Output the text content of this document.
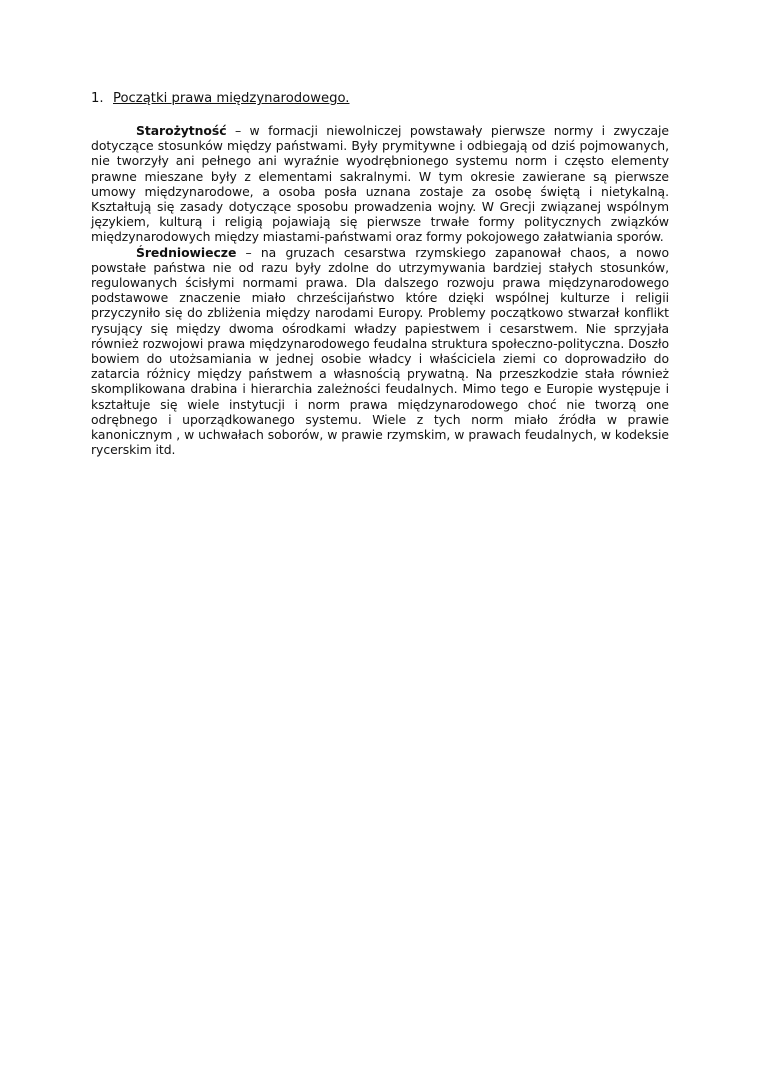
1. Początki prawa międzynarodowego.

Starożytność – w formacji niewolniczej powstawały pierwsze normy i zwyczaje dotyczące stosunków między państwami. Były prymitywne i odbiegają od dziś pojmowanych, nie tworzyły ani pełnego ani wyraźnie wyodrębnionego systemu norm i często elementy prawne mieszane były z elementami sakralnymi. W tym okresie zawierane są pierwsze umowy międzynarodowe, a osoba posła uznana zostaje za osobę świętą i nietykalną. Kształtują się zasady dotyczące sposobu prowadzenia wojny. W Grecji związanej wspólnym językiem, kulturą i religią pojawiają się pierwsze trwałe formy politycznych związków międzynarodowych między miastami-państwami oraz formy pokojowego załatwiania sporów.

Średniowiecze – na gruzach cesarstwa rzymskiego zapanował chaos, a nowo powstałe państwa nie od razu były zdolne do utrzymywania bardziej stałych stosunków, regulowanych ścisłymi normami prawa. Dla dalszego rozwoju prawa międzynarodowego podstawowe znaczenie miało chrześcijaństwo które dzięki wspólnej kulturze i religii przyczyniło się do zbliżenia między narodami Europy. Problemy początkowo stwarzał konflikt rysujący się między dwoma ośrodkami władzy papiestwem i cesarstwem. Nie sprzyjała również rozwojowi prawa międzynarodowego feudalna struktura społeczno-polityczna. Doszło bowiem do utożsamiania w jednej osobie władcy i właściciela ziemi co doprowadziło do zatarcia różnicy między państwem a własnością prywatną. Na przeszkodzie stała również skomplikowana drabina i hierarchia zależności feudalnych. Mimo tego e Europie występuje i kształtuje się wiele instytucji i norm prawa międzynarodowego choć nie tworzą one odrębnego i uporządkowanego systemu. Wiele z tych norm miało źródła w prawie kanonicznym , w uchwałach soborów, w prawie rzymskim, w prawach feudalnych, w kodeksie rycerskim itd.
